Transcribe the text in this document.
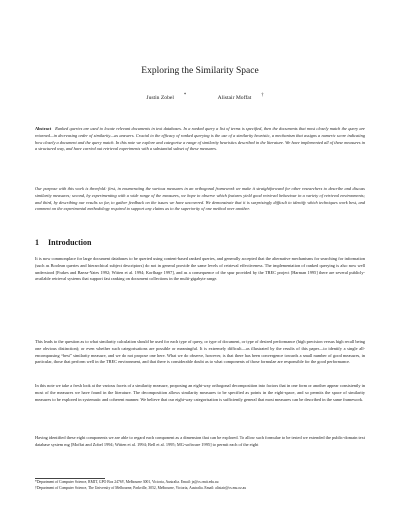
Exploring the Similarity Space
Justin Zobel *	Alistair Moffat †
Abstract Ranked queries are used to locate relevant documents in text databases. In a ranked query a list of terms is specified, then the documents that most closely match the query are returned—in decreasing order of similarity—as answers. Crucial to the efficacy of ranked querying is the use of a similarity heuristic, a mechanism that assigns a numeric score indicating how closely a document and the query match. In this note we explore and categorise a range of similarity heuristics described in the literature. We have implemented all of these measures in a structured way, and have carried out retrieval experiments with a substantial subset of these measures.
Our purpose with this work is threefold: first, in enumerating the various measures in an orthogonal framework we make it straightforward for other researchers to describe and discuss similarity measures; second, by experimenting with a wide range of the measures, we hope to observe which features yield good retrieval behaviour in a variety of retrieval environments; and third, by describing our results so far, to gather feedback on the issues we have uncovered. We demonstrate that it is surprisingly difficult to identify which techniques work best, and comment on the experimental methodology required to support any claims as to the superiority of one method over another.
1 Introduction
It is now commonplace for large document databases to be queried using content-based ranked queries, and generally accepted that the alternative mechanisms for searching for information (such as Boolean queries and hierarchical subject descriptors) do not in general provide the same levels of retrieval effectiveness. The implementation of ranked querying is also now well understood [Frakes and Baeza-Yates 1992; Witten et al. 1994; Korfhage 1997], and as a consequence of the spur provided by the TREC project [Harman 1995] there are several publicly-available retrieval systems that support fast ranking on document collections in the multi-gigabyte range.
This leads to the question as to what similarity calculation should be used for each type of query, or type of document, or type of desired performance (high precision versus high recall being one obvious distinction); or even whether such categorisations are possible or meaningful. It is extremely difficult—as illustrated by the results of this paper—to identify a single all-encompassing “best” similarity measure, and we do not propose one here. What we do observe, however, is that there has been convergence towards a small number of good measures, in particular, those that perform well in the TREC environment, and that there is considerable doubt as to what components of those formulae are responsible for the good performance.
In this note we take a fresh look at the various facets of a similarity measure, proposing an eight-way orthogonal decomposition into factors that in one form or another appear consistently in most of the measures we have found in the literature. The decomposition allows similarity measures to be specified as points in the eight-space, and so permits the space of similarity measures to be explored in systematic and coherent manner. We believe that our eight-way categorisation is sufficiently general that most measures can be described in the same framework.
Having identified these eight components we are able to regard each component as a dimension that can be explored. To allow such formulae to be tested we extended the public-domain text database system mg [Moffat and Zobel 1994; Witten et al. 1994; Bell et al. 1995; MG-software 1995] to permit each of the eight
*Department of Computer Science, RMIT, GPO Box 2476V, Melbourne 3001, Victoria, Australia. Email: jz@cs.rmit.edu.au
†Department of Computer Science, The University of Melbourne, Parkville, 3052, Melbourne, Victoria, Australia. Email: alistair@cs.mu.oz.au
